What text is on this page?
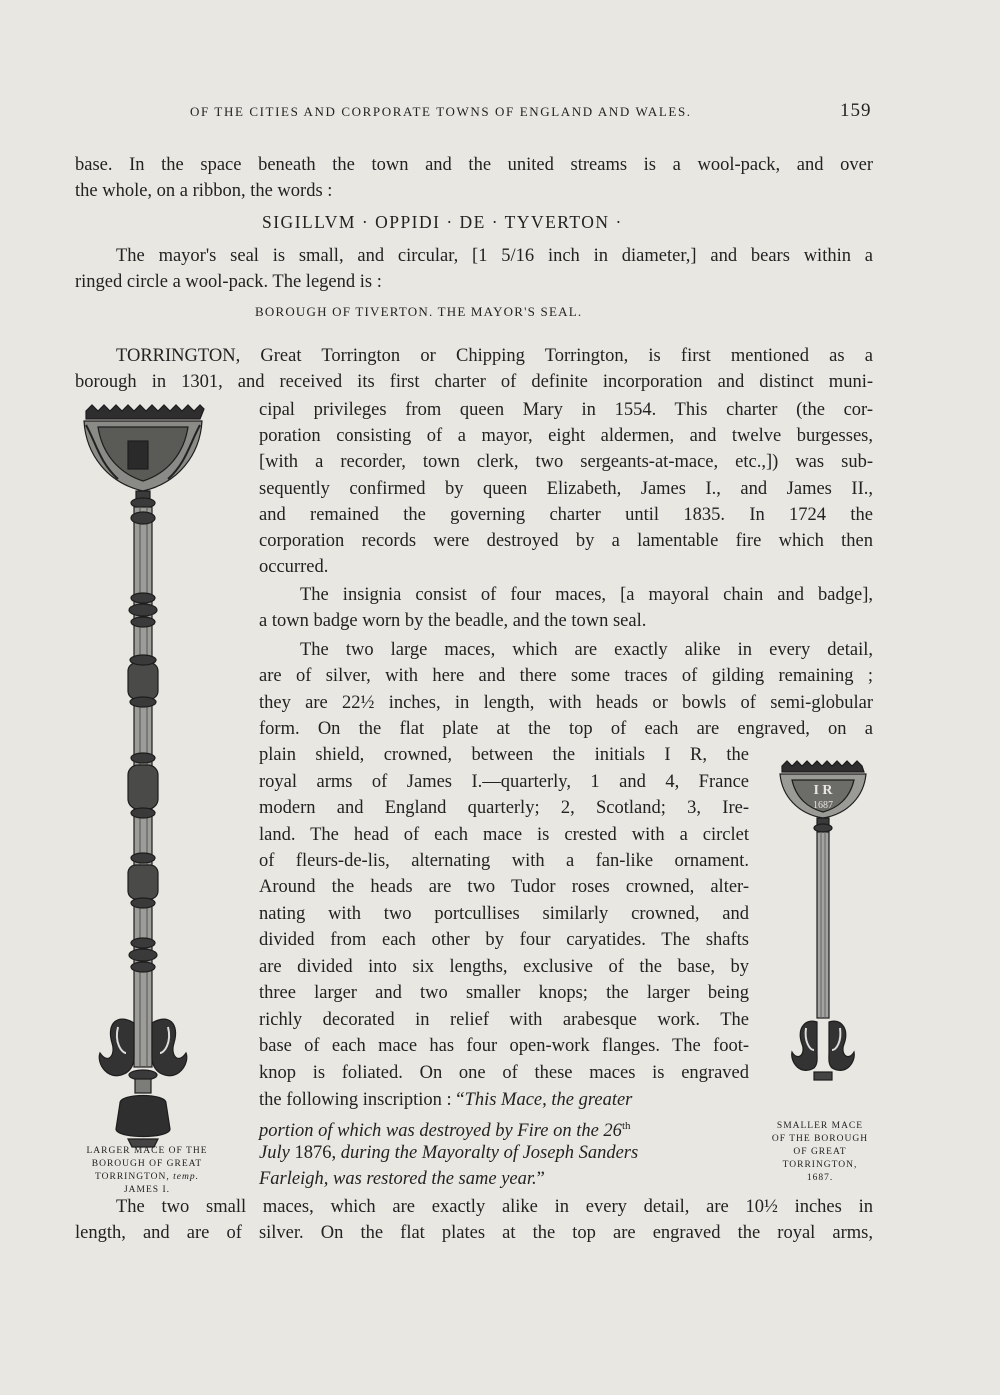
OF THE CITIES AND CORPORATE TOWNS OF ENGLAND AND WALES.	159
base. In the space beneath the town and the united streams is a wool-pack, and over
the whole, on a ribbon, the words :
SIGILLVM · OPPIDI · DE · TYVERTON ·
The mayor's seal is small, and circular, [1 5/16 inch in diameter,] and bears within a
ringed circle a wool-pack. The legend is :
BOROUGH OF TIVERTON. THE MAYOR'S SEAL.
TORRINGTON, Great Torrington or Chipping Torrington, is first mentioned as a
borough in 1301, and received its first charter of definite incorporation and distinct muni-
cipal privileges from queen Mary in 1554. This charter (the cor-
poration consisting of a mayor, eight aldermen, and twelve burgesses,
[with a recorder, town clerk, two sergeants-at-mace, etc.,]) was sub-
sequently confirmed by queen Elizabeth, James I., and James II.,
and remained the governing charter until 1835. In 1724 the
corporation records were destroyed by a lamentable fire which then
occurred.
The insignia consist of four maces, [a mayoral chain and badge],
a town badge worn by the beadle, and the town seal.
The two large maces, which are exactly alike in every detail,
are of silver, with here and there some traces of gilding remaining ;
they are 22½ inches, in length, with heads or bowls of semi-globular
form. On the flat plate at the top of each are engraved, on a
plain shield, crowned, between the initials I R, the
royal arms of James I.—quarterly, 1 and 4, France
modern and England quarterly; 2, Scotland; 3, Ire-
land. The head of each mace is crested with a circlet
of fleurs-de-lis, alternating with a fan-like ornament.
Around the heads are two Tudor roses crowned, alter-
nating with two portcullises similarly crowned, and
divided from each other by four caryatides. The shafts
are divided into six lengths, exclusive of the base, by
three larger and two smaller knops; the larger being
richly decorated in relief with arabesque work. The
base of each mace has four open-work flanges. The foot-
knop is foliated. On one of these maces is engraved
the following inscription : “This Mace, the greater
portion of which was destroyed by Fire on the 26th
July 1876, during the Mayoralty of Joseph Sanders
Farleigh, was restored the same year.”
The two small maces, which are exactly alike in every detail, are 10½ inches in
length, and are of silver. On the flat plates at the top are engraved the royal arms,
I R
1687
LARGER MACE OF THE
BOROUGH OF GREAT
TORRINGTON, temp.
JAMES I.
SMALLER MACE
OF THE BOROUGH
OF GREAT
TORRINGTON,
1687.
